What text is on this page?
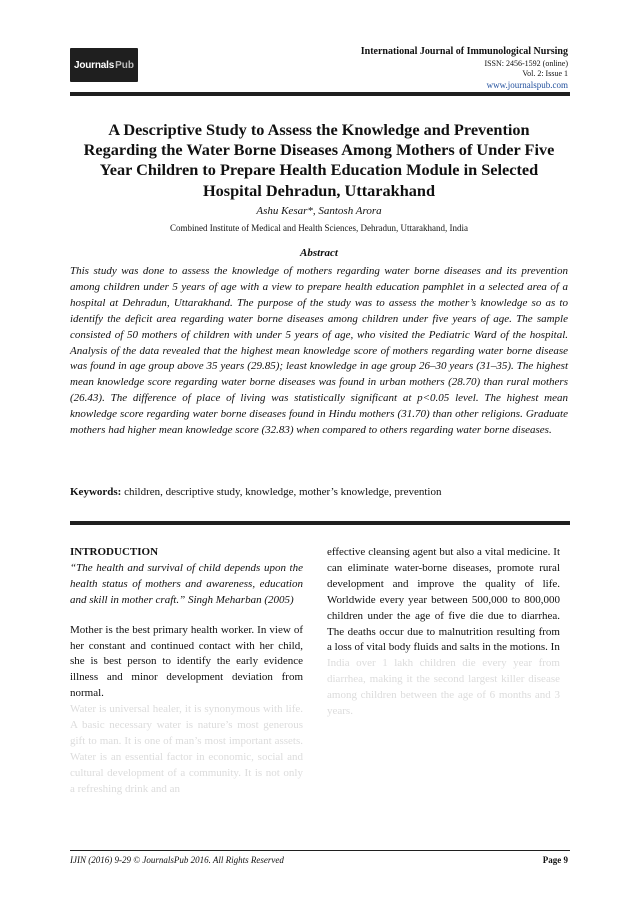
Journals Pub
International Journal of Immunological Nursing
ISSN: 2456-1592 (online)
Vol. 2: Issue 1
www.journalspub.com
A Descriptive Study to Assess the Knowledge and Prevention Regarding the Water Borne Diseases Among Mothers of Under Five Year Children to Prepare Health Education Module in Selected Hospital Dehradun, Uttarakhand
Ashu Kesar*, Santosh Arora
Combined Institute of Medical and Health Sciences, Dehradun, Uttarakhand, India
Abstract

This study was done to assess the knowledge of mothers regarding water borne diseases and its prevention among children under 5 years of age with a view to prepare health education pamphlet in a selected area of a hospital at Dehradun, Uttarakhand. The purpose of the study was to assess the mother’s knowledge so as to identify the deficit area regarding water borne diseases among children under five years of age. The sample consisted of 50 mothers of children with under 5 years of age, who visited the Pediatric Ward of the hospital. Analysis of the data revealed that the highest mean knowledge score of mothers regarding water borne disease was found in age group above 35 years (29.85); least knowledge in age group 26–30 years (31–35). The highest mean knowledge score regarding water borne diseases was found in urban mothers (28.70) than rural mothers (26.43). The difference of place of living was statistically significant at p<0.05 level. The highest mean knowledge score regarding water borne diseases found in Hindu mothers (31.70) than other religions. Graduate mothers had higher mean knowledge score (32.83) when compared to others regarding water borne diseases.

Keywords: children, descriptive study, knowledge, mother’s knowledge, prevention
INTRODUCTION

“The health and survival of child depends upon the health status of mothers and awareness, education and skill in mother craft.” Singh Meharban (2005)

Mother is the best primary health worker. In view of her constant and continued contact with her child, she is best person to identify the early evidence illness and minor development deviation from normal.

Water is universal healer, it is synonymous with life. A basic necessary water is nature’s most generous gift to man. It is one of man’s most important assets. Water is an essential factor in economic, social and cultural development of a community. It is not only a refreshing drink and an

effective cleansing agent but also a vital medicine. It can eliminate water-borne diseases, promote rural development and improve the quality of life. Worldwide every year between 500,000 to 800,000 children under the age of five die due to diarrhea. The deaths occur due to malnutrition resulting from a loss of vital body fluids and salts in the motions. In

India over 1 lakh children die every year from diarrhea, making it the second largest killer disease among children between the age of 6 months and 3 years.

IJIN (2016) 9-29 © JournalsPub 2016. All Rights Reserved	Page 9
